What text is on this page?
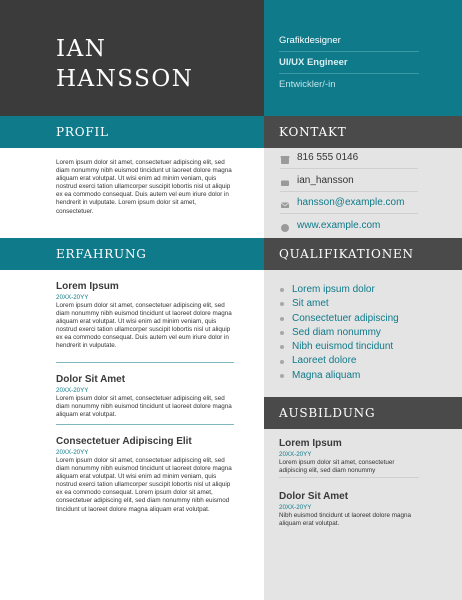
IAN
HANSSON
Grafikdesigner
UI/UX Engineer
Entwickler/-in
PROFIL	KONTAKT
ERFAHRUNG	QUALIFIKATIONEN
AUSBILDUNG
Lorem ipsum dolor sit amet, consectetuer adipiscing elit, sed diam nonummy nibh euismod tincidunt ut laoreet dolore magna aliquam erat volutpat. Ut wisi enim ad minim veniam, quis nostrud exerci tation ullamcorper suscipit lobortis nisl ut aliquip ex ea commodo consequat. Duis autem vel eum iriure dolor in hendrerit in vulputate. Lorem ipsum dolor sit amet, consectetuer.
816 555 0146
ian_hansson
hansson@example.com
www.example.com
Lorem Ipsum
20XX-20YY
Lorem ipsum dolor sit amet, consectetuer adipiscing elit, sed diam nonummy nibh euismod tincidunt ut laoreet dolore magna aliquam erat volutpat. Ut wisi enim ad minim veniam, quis nostrud exerci tation ullamcorper suscipit lobortis nisl ut aliquip ex ea commodo consequat. Duis autem vel eum iriure dolor in hendrerit in vulputate.
Dolor Sit Amet
20XX-20YY
Lorem ipsum dolor sit amet, consectetuer adipiscing elit, sed diam nonummy nibh euismod tincidunt ut laoreet dolore magna aliquam erat volutpat.
Consectetuer Adipiscing Elit
20XX-20YY
Lorem ipsum dolor sit amet, consectetuer adipiscing elit, sed diam nonummy nibh euismod tincidunt ut laoreet dolore magna aliquam erat volutpat. Ut wisi enim ad minim veniam, quis nostrud exerci tation ullamcorper suscipit lobortis nisl ut aliquip ex ea commodo consequat. Lorem ipsum dolor sit amet, consectetuer adipiscing elit, sed diam nonummy nibh euismod tincidunt ut laoreet dolore magna aliquam erat volutpat.
Lorem ipsum dolor
Sit amet
Consectetuer adipiscing
Sed diam nonummy
Nibh euismod tincidunt
Laoreet dolore
Magna aliquam
Lorem Ipsum
20XX-20YY
Lorem ipsum dolor sit amet, consectetuer adipiscing elit, sed diam nonummy
Dolor Sit Amet
20XX-20YY
Nibh euismod tincidunt ut laoreet dolore magna aliquam erat volutpat.
